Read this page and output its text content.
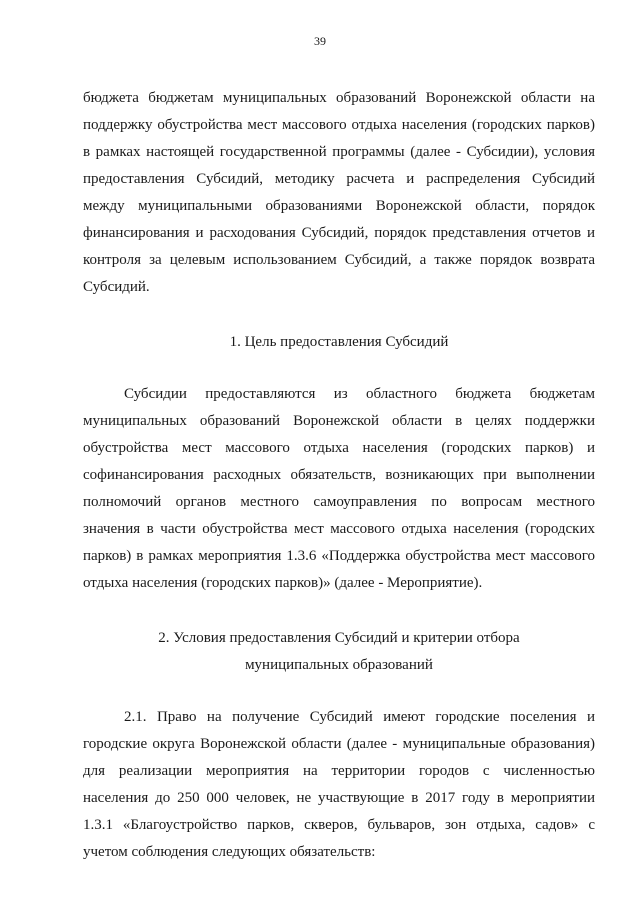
39
бюджета бюджетам муниципальных образований Воронежской области на
поддержку обустройства мест массового отдыха населения (городских парков)
в рамках настоящей государственной программы (далее - Субсидии), условия
предоставления Субсидий, методику расчета и распределения Субсидий
между муниципальными образованиями Воронежской области, порядок
финансирования и расходования Субсидий, порядок представления отчетов и
контроля за целевым использованием Субсидий, а также порядок возврата
Субсидий.
1. Цель предоставления Субсидий
Субсидии предоставляются из областного бюджета бюджетам
муниципальных образований Воронежской области в целях поддержки
обустройства мест массового отдыха населения (городских парков) и
софинансирования расходных обязательств, возникающих при выполнении
полномочий органов местного самоуправления по вопросам местного
значения в части обустройства мест массового отдыха населения (городских
парков) в рамках мероприятия 1.3.6 «Поддержка обустройства мест массового
отдыха населения (городских парков)» (далее - Мероприятие).
2. Условия предоставления Субсидий и критерии отбора
муниципальных образований
2.1. Право на получение Субсидий имеют городские поселения и
городские округа Воронежской области (далее - муниципальные образования)
для реализации мероприятия на территории городов с численностью
населения до 250 000 человек, не участвующие в 2017 году в мероприятии
1.3.1 «Благоустройство парков, скверов, бульваров, зон отдыха, садов» с
учетом соблюдения следующих обязательств:
